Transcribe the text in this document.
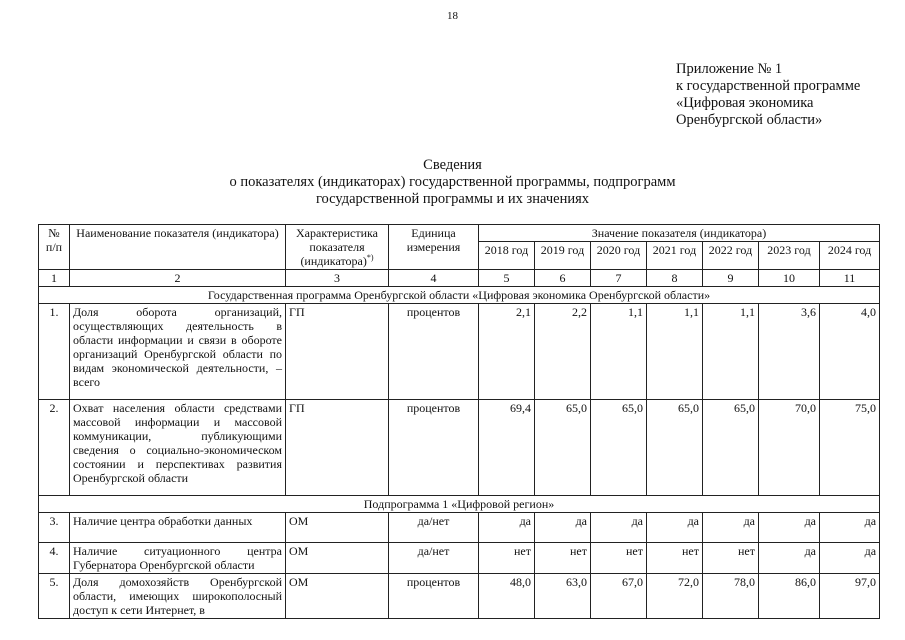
18
Приложение № 1
к государственной программе
«Цифровая экономика
Оренбургской области»
Сведения
о показателях (индикаторах) государственной программы, подпрограмм
государственной программы и их значениях
№ п/п	Наименование показателя (индикатора)	Характеристика показателя (индикатора)*)	Единица измерения	Значение показателя (индикатора)						
				2018 год	2019 год	2020 год	2021 год	2022 год	2023 год	2024 год
1	2	3	4	5	6	7	8	9	10	11
Государственная программа Оренбургской области «Цифровая экономика Оренбургской области»										
1.	Доля оборота организаций, осуществляющих деятельность в области информации и связи в обороте организаций Оренбургской области по видам экономической деятельности, – всего	ГП	процентов	2,1	2,2	1,1	1,1	1,1	3,6	4,0
2.	Охват населения области средствами массовой информации и массовой коммуникации, публикующими сведения о социально-экономическом состоянии и перспективах развития Оренбургской области	ГП	процентов	69,4	65,0	65,0	65,0	65,0	70,0	75,0
Подпрограмма 1 «Цифровой регион»										
3.	Наличие центра обработки данных	ОМ	да/нет	да	да	да	да	да	да	да
4.	Наличие ситуационного центра Губернатора Оренбургской области	ОМ	да/нет	нет	нет	нет	нет	нет	да	да
5.	Доля домохозяйств Оренбургской области, имеющих широкополосный доступ к сети Интернет, в	ОМ	процентов	48,0	63,0	67,0	72,0	78,0	86,0	97,0
